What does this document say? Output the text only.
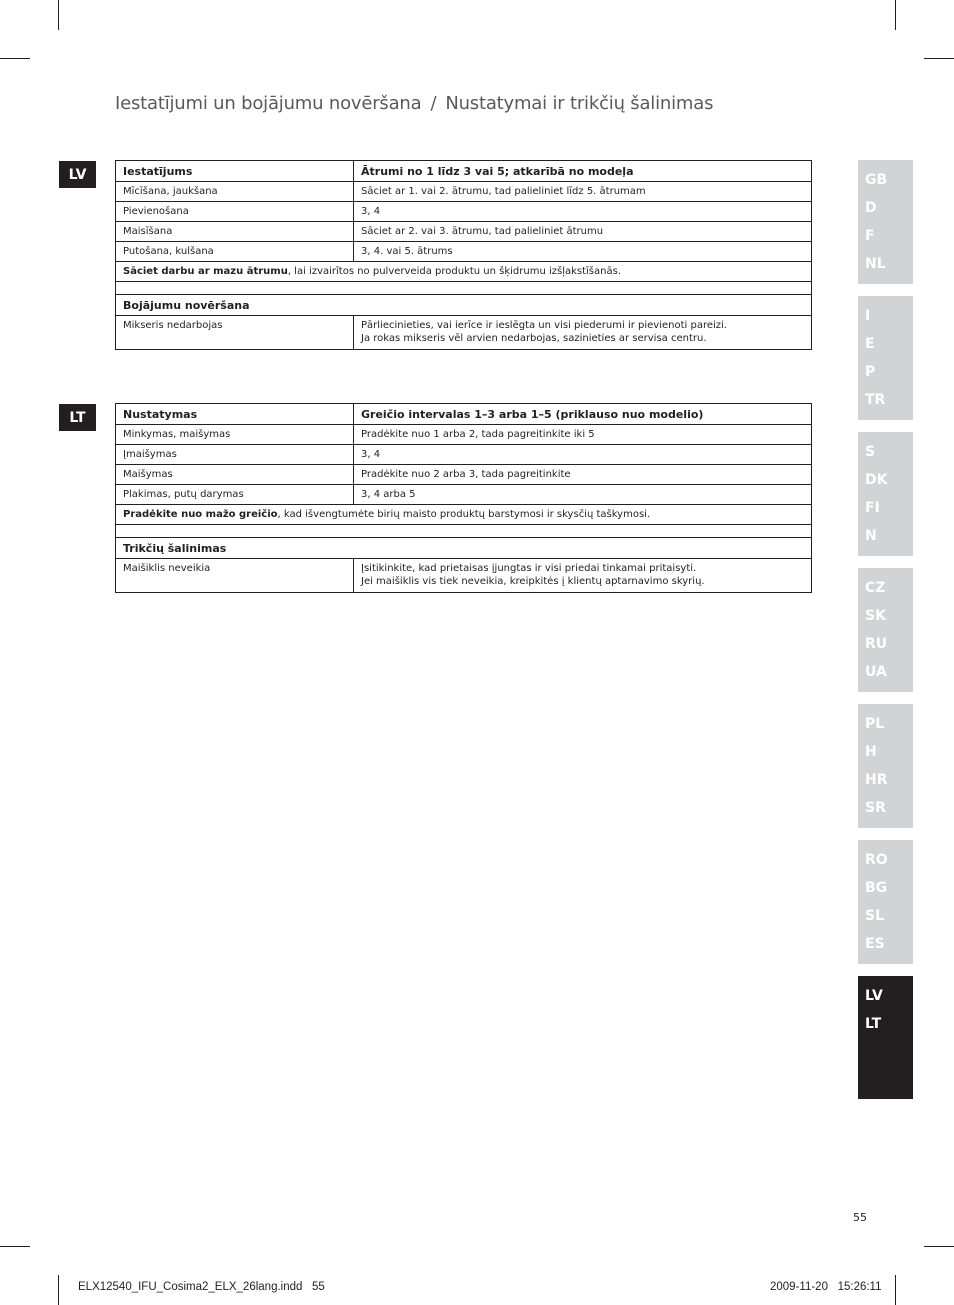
Iestatījumi un bojājumu novēršana / Nustatymai ir trikčių šalinimas
LV	Iestatījums	Ātrumi no 1 līdz 3 vai 5; atkarībā no modeļa
Mīcīšana, jaukšana	Sāciet ar 1. vai 2. ātrumu, tad palieliniet līdz 5. ātrumam
Pievienošana	3, 4
Maisīšana	Sāciet ar 2. vai 3. ātrumu, tad palieliniet ātrumu
Putošana, kulšana	3, 4. vai 5. ātrums
Sāciet darbu ar mazu ātrumu, lai izvairītos no pulverveida produktu un šķidrumu izšļakstīšanās.	

Bojājumu novēršana	
Mikseris nedarbojas	Pārliecinieties, vai ierīce ir ieslēgta un visi piederumi ir pievienoti pareizi.
Ja rokas mikseris vēl arvien nedarbojas, sazinieties ar servisa centru.
LT	Nustatymas	Greičio intervalas 1–3 arba 1–5 (priklauso nuo modelio)
Minkymas, maišymas	Pradėkite nuo 1 arba 2, tada pagreitinkite iki 5
Įmaišymas	3, 4
Maišymas	Pradėkite nuo 2 arba 3, tada pagreitinkite
Plakimas, putų darymas	3, 4 arba 5
Pradėkite nuo mažo greičio, kad išvengtumėte birių maisto produktų barstymosi ir skysčių taškymosi.	

Trikčių šalinimas	
Maišiklis neveikia	Įsitikinkite, kad prietaisas įjungtas ir visi priedai tinkamai pritaisyti.
Jei maišiklis vis tiek neveikia, kreipkitės į klientų aptarnavimo skyrių.
GB
D
F
NL
I
E
P
TR
S
DK
FI
N
CZ
SK
RU
UA
PL
H
HR
SR
RO
BG
SL
ES
LV
LT
55
ELX12540_IFU_Cosima2_ELX_26lang.indd 55	2009-11-20 15:26:11
